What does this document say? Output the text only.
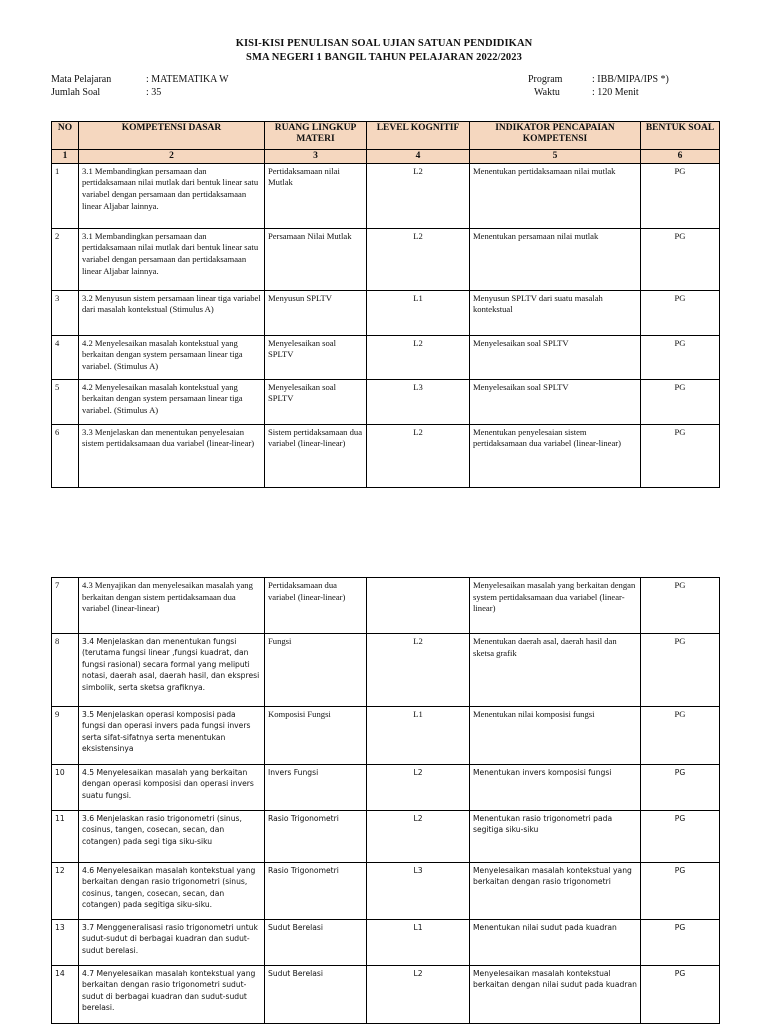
KISI-KISI PENULISAN SOAL UJIAN SATUAN PENDIDIKAN
SMA NEGERI 1 BANGIL TAHUN PELAJARAN 2022/2023
Mata Pelajaran	: MATEMATIKA W
Jumlah Soal	: 35
Program	: IBB/MIPA/IPS *)
Waktu	: 120 Menit
NO	KOMPETENSI DASAR	RUANG LINGKUP MATERI	LEVEL KOGNITIF	INDIKATOR PENCAPAIAN KOMPETENSI	BENTUK SOAL
1	2	3	4	5	6
1	3.1 Membandingkan persamaan dan pertidaksamaan nilai mutlak dari bentuk linear satu variabel dengan persamaan dan pertidaksamaan linear Aljabar lainnya.	Pertidaksamaan nilai Mutlak	L2	Menentukan pertidaksamaan nilai mutlak	PG
2	3.1 Membandingkan persamaan dan pertidaksamaan nilai mutlak dari bentuk linear satu variabel dengan persamaan dan pertidaksamaan linear Aljabar lainnya.	Persamaan Nilai Mutlak	L2	Menentukan persamaan nilai mutlak	PG
3	3.2 Menyusun sistem persamaan linear tiga variabel dari masalah kontekstual (Stimulus A)	Menyusun SPLTV	L1	Menyusun SPLTV dari suatu masalah kontekstual	PG
4	4.2 Menyelesaikan masalah kontekstual yang berkaitan dengan system persamaan linear tiga variabel. (Stimulus A)	Menyelesaikan soal SPLTV	L2	Menyelesaikan soal SPLTV	PG
5	4.2 Menyelesaikan masalah kontekstual yang berkaitan dengan system persamaan linear tiga variabel. (Stimulus A)	Menyelesaikan soal SPLTV	L3	Menyelesaikan soal SPLTV	PG
6	3.3 Menjelaskan dan menentukan penyelesaian sistem pertidaksamaan dua variabel (linear-linear)	Sistem pertidaksamaan dua variabel (linear-linear)	L2	Menentukan penyelesaian sistem pertidaksamaan dua variabel (linear-linear)	PG
7	4.3 Menyajikan dan menyelesaikan masalah yang berkaitan dengan sistem pertidaksamaan dua variabel (linear-linear)	Pertidaksamaan dua variabel (linear-linear)		Menyelesaikan masalah yang berkaitan dengan system pertidaksamaan dua variabel (linear-linear)	PG
8	3.4 Menjelaskan dan menentukan fungsi (terutama fungsi linear ,fungsi kuadrat, dan fungsi rasional) secara formal yang meliputi notasi, daerah asal, daerah hasil, dan ekspresi simbolik, serta sketsa grafiknya.	Fungsi	L2	Menentukan daerah asal, daerah hasil dan sketsa grafik	PG
9	3.5 Menjelaskan operasi komposisi pada fungsi dan operasi invers pada fungsi invers serta sifat-sifatnya serta menentukan eksistensinya	Komposisi Fungsi	L1	Menentukan nilai komposisi fungsi	PG
10	4.5 Menyelesaikan masalah yang berkaitan dengan operasi komposisi dan operasi invers suatu fungsi.	Invers Fungsi	L2	Menentukan invers komposisi fungsi	PG
11	3.6 Menjelaskan rasio trigonometri (sinus, cosinus, tangen, cosecan, secan, dan cotangen) pada segi tiga siku-siku	Rasio Trigonometri	L2	Menentukan rasio trigonometri pada segitiga siku-siku	PG
12	4.6 Menyelesaikan masalah kontekstual yang berkaitan dengan rasio trigonometri (sinus, cosinus, tangen, cosecan, secan, dan cotangen) pada segitiga siku-siku.	Rasio Trigonometri	L3	Menyelesaikan masalah kontekstual yang berkaitan dengan rasio trigonometri	PG
13	3.7 Menggeneralisasi rasio trigonometri untuk sudut-sudut di berbagai kuadran dan sudut-sudut berelasi.	Sudut Berelasi	L1	Menentukan nilai sudut pada kuadran	PG
14	4.7 Menyelesaikan masalah kontekstual yang berkaitan dengan rasio trigonometri sudut-sudut di berbagai kuadran dan sudut-sudut berelasi.	Sudut Berelasi	L2	Menyelesaikan masalah kontekstual berkaitan dengan nilai sudut pada kuadran	PG
